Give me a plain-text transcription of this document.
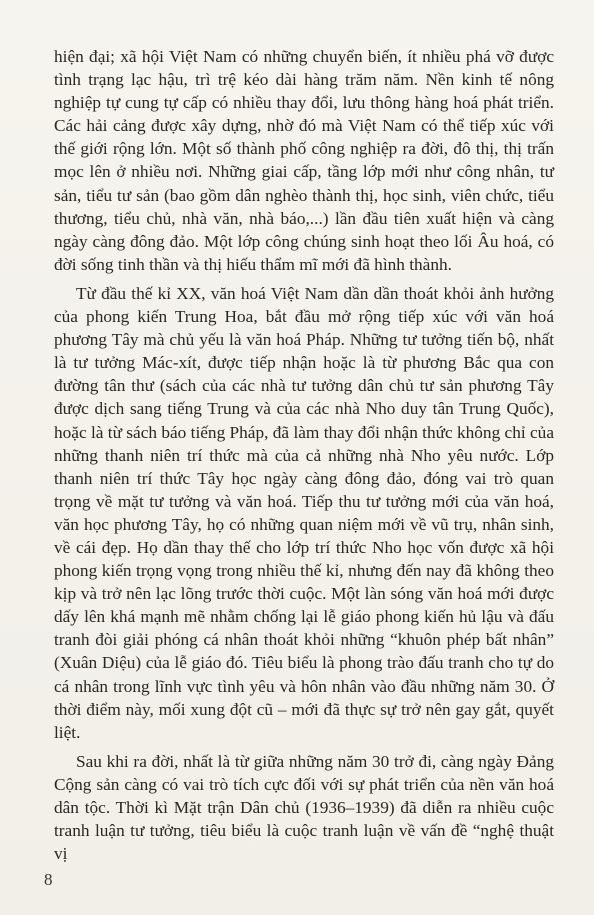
hiện đại; xã hội Việt Nam có những chuyển biến, ít nhiều phá vỡ được tình trạng lạc hậu, trì trệ kéo dài hàng trăm năm. Nền kinh tế nông nghiệp tự cung tự cấp có nhiều thay đổi, lưu thông hàng hoá phát triển. Các hải cảng được xây dựng, nhờ đó mà Việt Nam có thể tiếp xúc với thế giới rộng lớn. Một số thành phố công nghiệp ra đời, đô thị, thị trấn mọc lên ở nhiều nơi. Những giai cấp, tầng lớp mới như công nhân, tư sản, tiểu tư sản (bao gồm dân nghèo thành thị, học sinh, viên chức, tiểu thương, tiểu chủ, nhà văn, nhà báo,...) lần đầu tiên xuất hiện và càng ngày càng đông đảo. Một lớp công chúng sinh hoạt theo lối Âu hoá, có đời sống tinh thần và thị hiếu thẩm mĩ mới đã hình thành.

Từ đầu thế kỉ XX, văn hoá Việt Nam dần dần thoát khỏi ảnh hưởng của phong kiến Trung Hoa, bắt đầu mở rộng tiếp xúc với văn hoá phương Tây mà chủ yếu là văn hoá Pháp. Những tư tưởng tiến bộ, nhất là tư tưởng Mác-xít, được tiếp nhận hoặc là từ phương Bắc qua con đường tân thư (sách của các nhà tư tưởng dân chủ tư sản phương Tây được dịch sang tiếng Trung và của các nhà Nho duy tân Trung Quốc), hoặc là từ sách báo tiếng Pháp, đã làm thay đổi nhận thức không chỉ của những thanh niên trí thức mà của cả những nhà Nho yêu nước. Lớp thanh niên trí thức Tây học ngày càng đông đảo, đóng vai trò quan trọng về mặt tư tưởng và văn hoá. Tiếp thu tư tưởng mới của văn hoá, văn học phương Tây, họ có những quan niệm mới về vũ trụ, nhân sinh, về cái đẹp. Họ dần thay thế cho lớp trí thức Nho học vốn được xã hội phong kiến trọng vọng trong nhiều thế kỉ, nhưng đến nay đã không theo kịp và trở nên lạc lõng trước thời cuộc. Một làn sóng văn hoá mới được dấy lên khá mạnh mẽ nhằm chống lại lễ giáo phong kiến hủ lậu và đấu tranh đòi giải phóng cá nhân thoát khỏi những “khuôn phép bất nhân” (Xuân Diệu) của lễ giáo đó. Tiêu biểu là phong trào đấu tranh cho tự do cá nhân trong lĩnh vực tình yêu và hôn nhân vào đầu những năm 30. Ở thời điểm này, mối xung đột cũ – mới đã thực sự trở nên gay gắt, quyết liệt.

Sau khi ra đời, nhất là từ giữa những năm 30 trở đi, càng ngày Đảng Cộng sản càng có vai trò tích cực đối với sự phát triển của nền văn hoá dân tộc. Thời kì Mặt trận Dân chủ (1936–1939) đã diễn ra nhiều cuộc tranh luận tư tưởng, tiêu biểu là cuộc tranh luận về vấn đề “nghệ thuật vị

8
